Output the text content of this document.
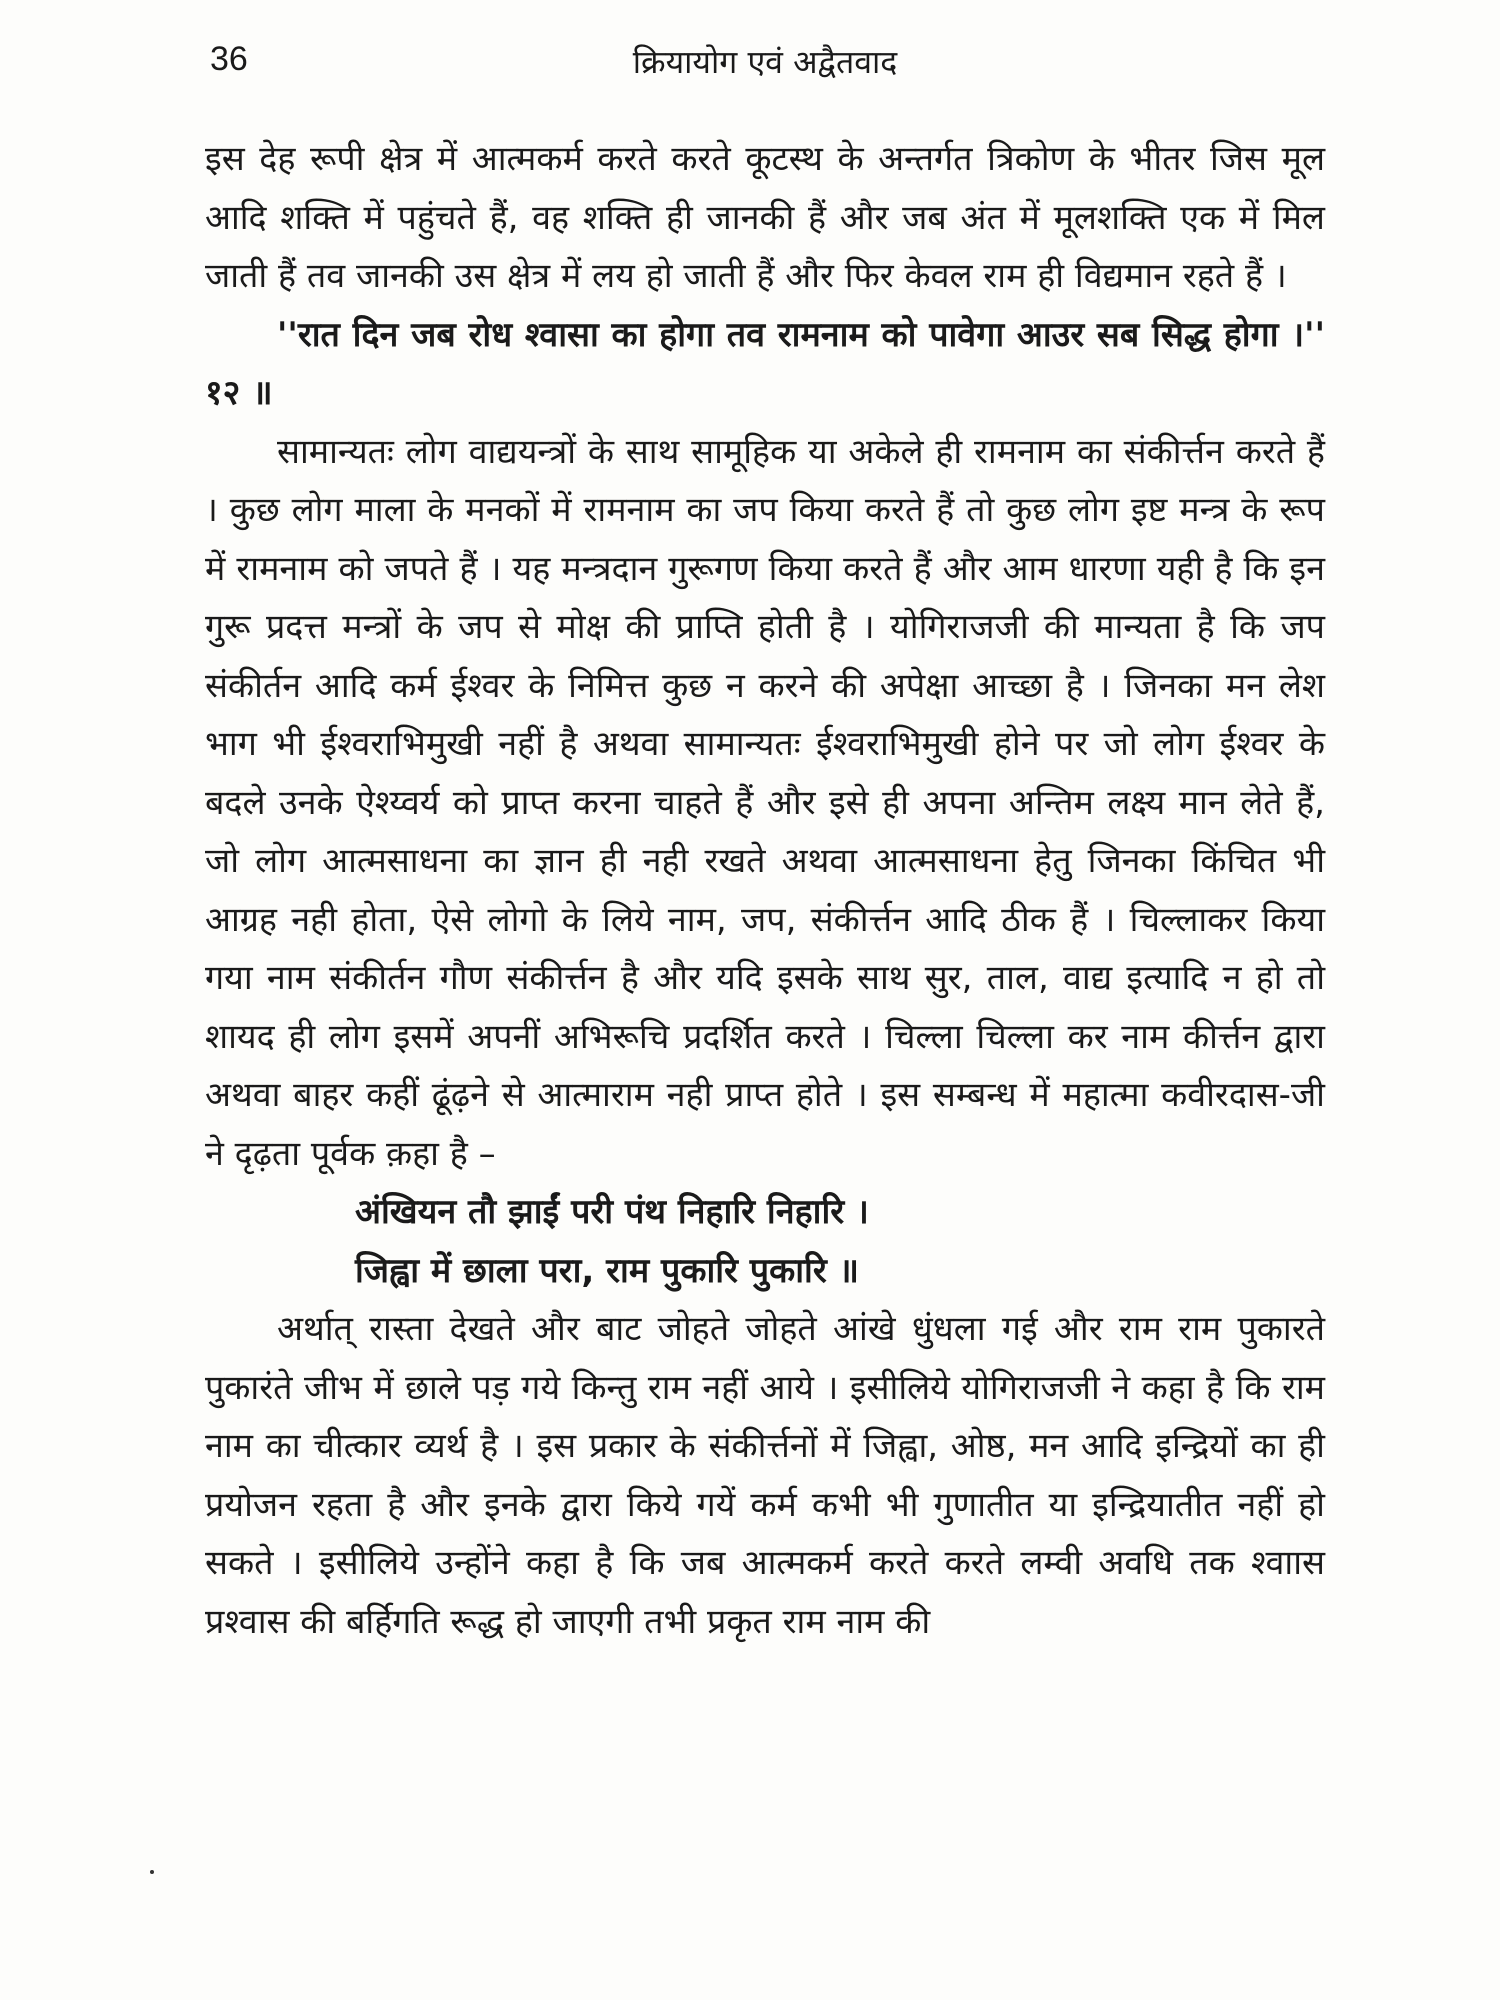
36	क्रियायोग एवं अद्वैतवाद

इस देह रूपी क्षेत्र में आत्मकर्म करते करते कूटस्थ के अन्तर्गत त्रिकोण के भीतर जिस मूल आदि शक्ति में पहुंचते हैं, वह शक्ति ही जानकी हैं और जब अंत में मूलशक्ति एक में मिल जाती हैं तव जानकी उस क्षेत्र में लय हो जाती हैं और फिर केवल राम ही विद्यमान रहते हैं ।

''रात दिन जब रोध श्वासा का होगा तव रामनाम को पावेगा आउर सब सिद्ध होगा ।'' १२ ॥

सामान्यतः लोग वाद्ययन्त्रों के साथ सामूहिक या अकेले ही रामनाम का संकीर्त्तन करते हैं । कुछ लोग माला के मनकों में रामनाम का जप किया करते हैं तो कुछ लोग इष्ट मन्त्र के रूप में रामनाम को जपते हैं । यह मन्त्रदान गुरूगण किया करते हैं और आम धारणा यही है कि इन गुरू प्रदत्त मन्त्रों के जप से मोक्ष की प्राप्ति होती है । योगिराजजी की मान्यता है कि जप संकीर्तन आदि कर्म ईश्वर के निमित्त कुछ न करने की अपेक्षा आच्छा है । जिनका मन लेश भाग भी ईश्वराभिमुखी नहीं है अथवा सामान्यतः ईश्वराभिमुखी होने पर जो लोग ईश्वर के बदले उनके ऐश्य्वर्य को प्राप्त करना चाहते हैं और इसे ही अपना अन्तिम लक्ष्य मान लेते हैं, जो लोग आत्मसाधना का ज्ञान ही नही रखते अथवा आत्मसाधना हेतु जिनका किंचित भी आग्रह नही होता, ऐसे लोगो के लिये नाम, जप, संकीर्त्तन आदि ठीक हैं । चिल्लाकर किया गया नाम संकीर्तन गौण संकीर्त्तन है और यदि इसके साथ सुर, ताल, वाद्य इत्यादि न हो तो शायद ही लोग इसमें अपनीं अभिरूचि प्रदर्शित करते । चिल्ला चिल्ला कर नाम कीर्त्तन द्वारा अथवा बाहर कहीं ढूंढ़ने से आत्माराम नही प्राप्त होते । इस सम्बन्ध में महात्मा कवीरदास-जी ने दृढ़ता पूर्वक क़हा है –

अंखियन तौ झाईं परी पंथ निहारि निहारि ।

जिह्वा में छाला परा, राम पुकारि पुकारि ॥

अर्थात् रास्ता देखते और बाट जोहते जोहते आंखे धुंधला गई और राम राम पुकारते पुकारंते जीभ में छाले पड़ गये किन्तु राम नहीं आये । इसीलिये योगिराजजी ने कहा है कि राम नाम का चीत्कार व्यर्थ है । इस प्रकार के संकीर्त्तनों में जिह्वा, ओष्ठ, मन आदि इन्द्रियों का ही प्रयोजन रहता है और इनके द्वारा किये गयें कर्म कभी भी गुणातीत या इन्द्रियातीत नहीं हो सकते । इसीलिये उन्होंने कहा है कि जब आत्मकर्म करते करते लम्वी अवधि तक श्वाास प्रश्वास की बर्हिगति रूद्ध हो जाएगी तभी प्रकृत राम नाम की
